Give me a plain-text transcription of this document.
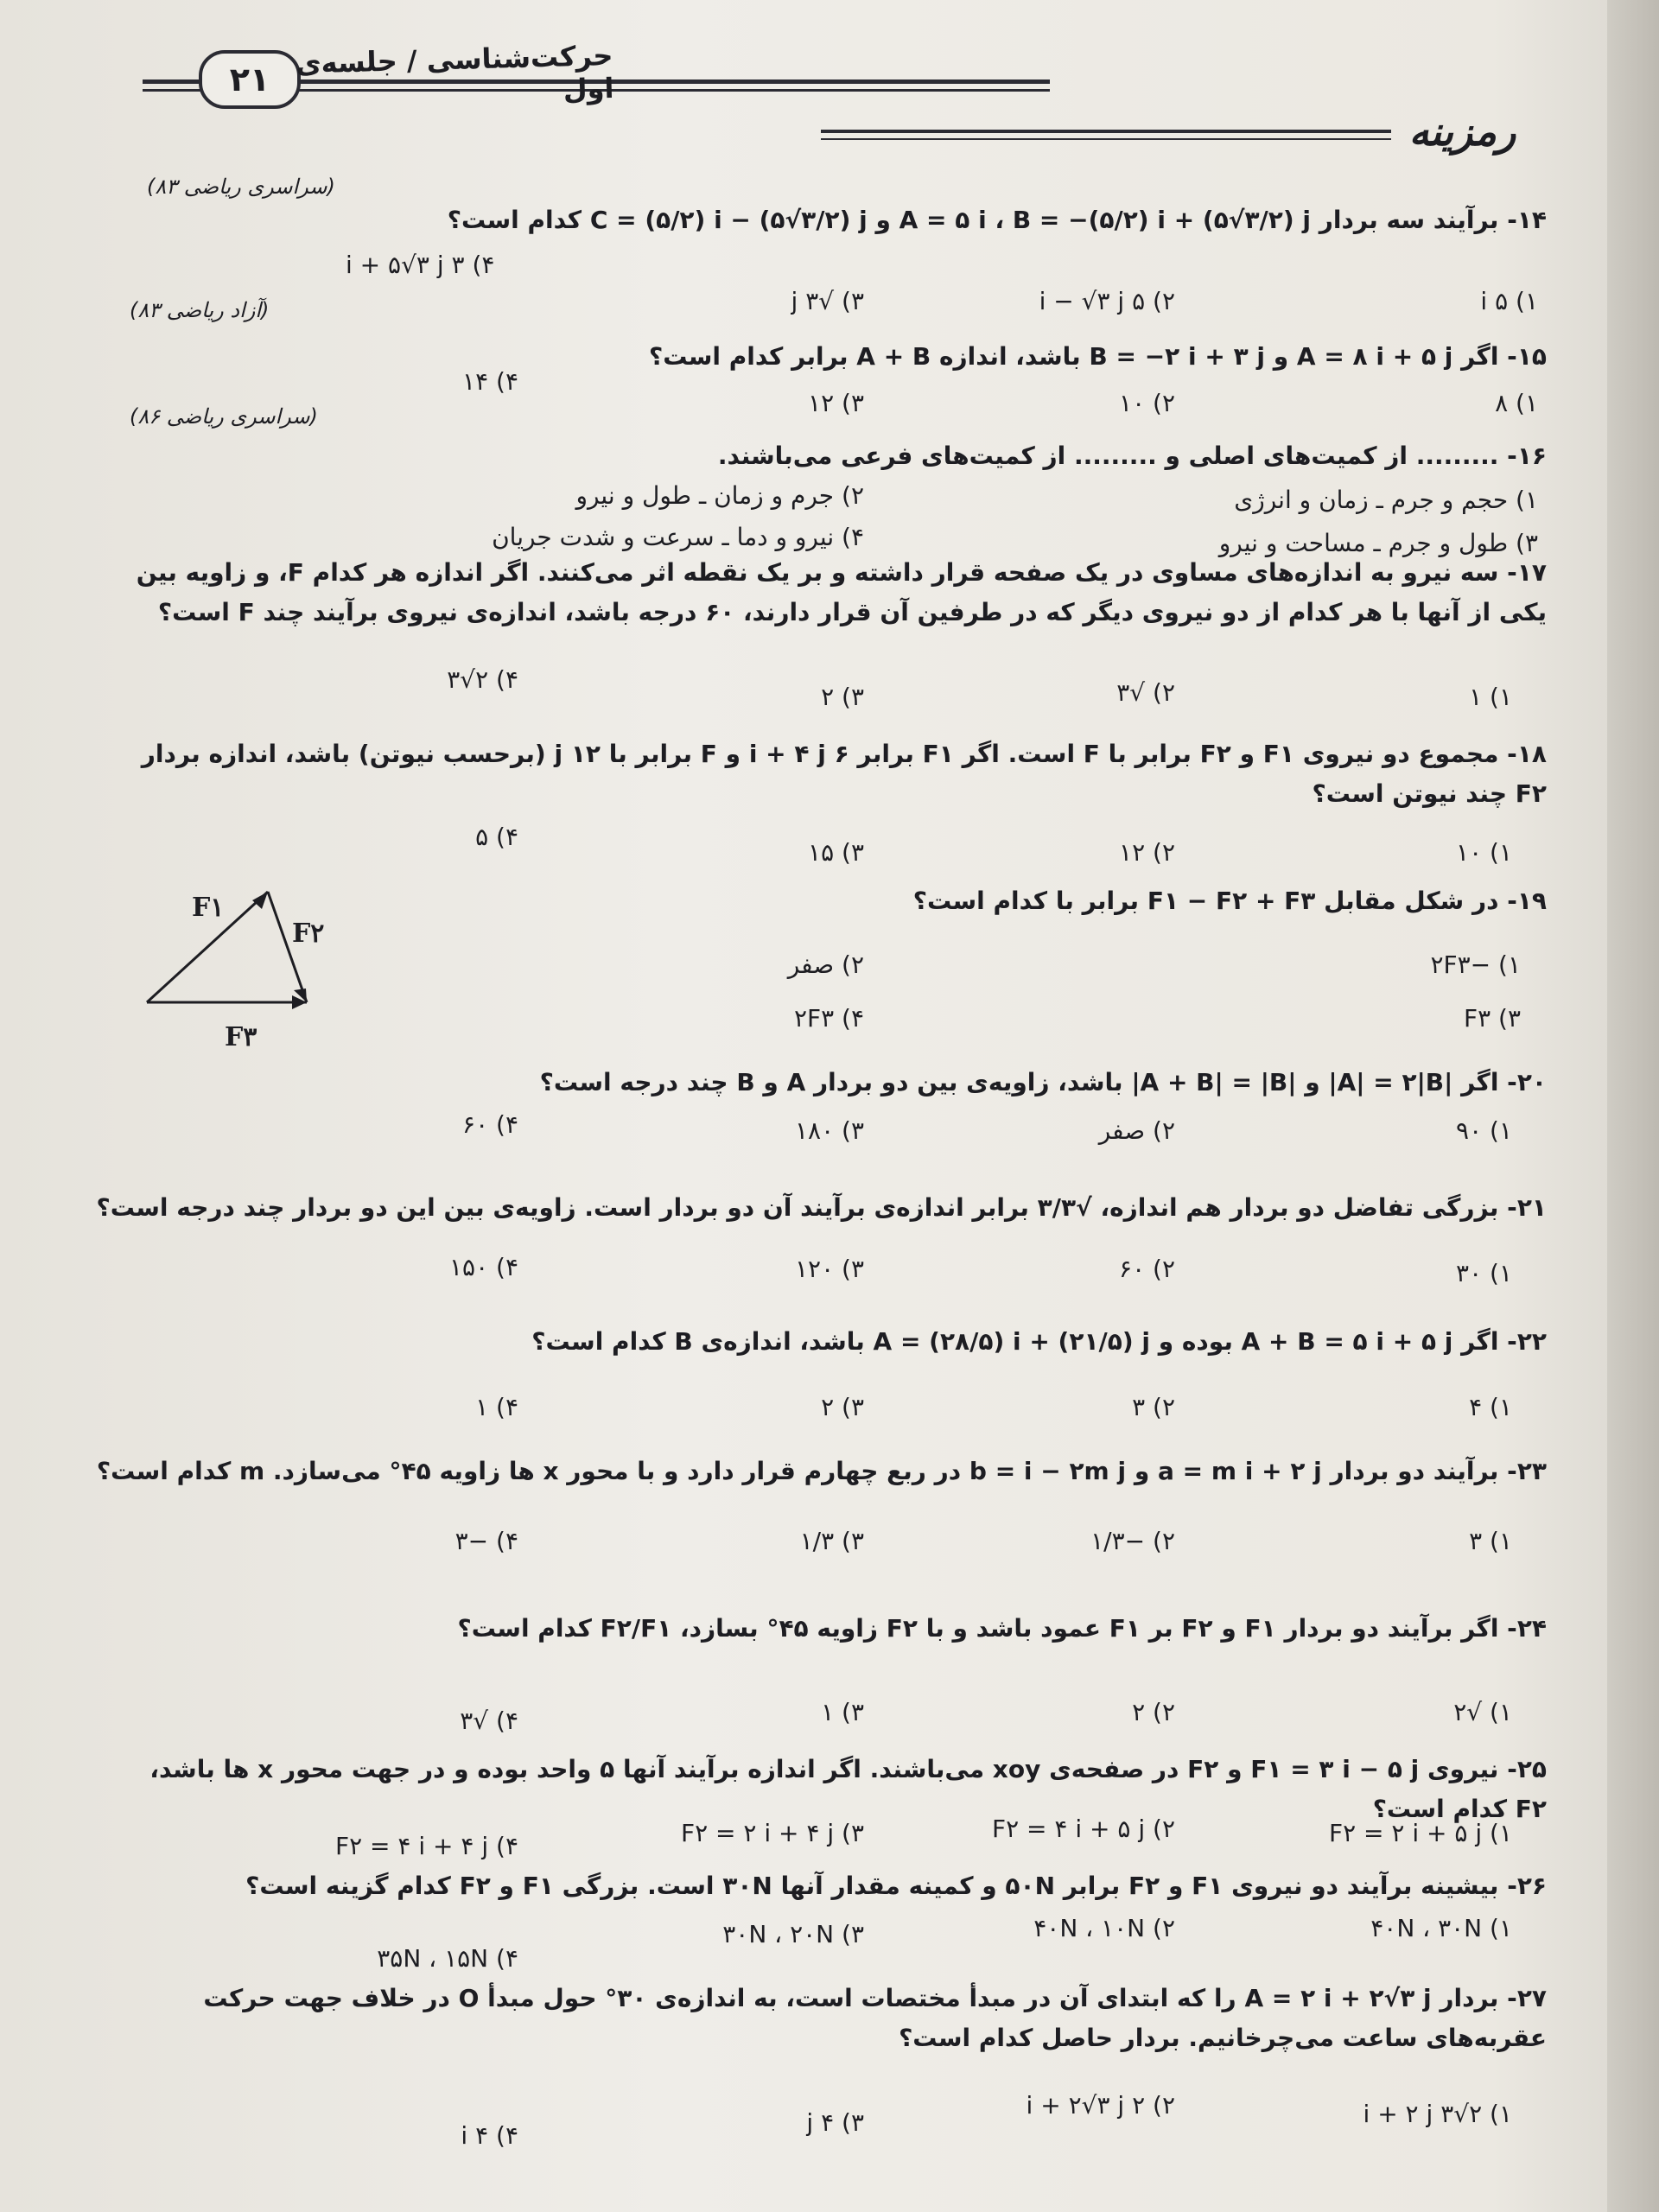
۲۱ حرکت‌شناسی / جلسه‌ی اول
رمزینه
(سراسری ریاضی ۸۳)
(آزاد ریاضی ۸۳)
(سراسری ریاضی ۸۶)
۱۴- برآیند سه بردار A = ۵ i ، B = −(۵/۲) i + (۵√۳/۲) j و C = (۵/۲) i − (۵√۳/۲) j کدام است؟
۱) ۵ i
۲) ۵ i − √۳ j
۳) √۳ j
۴) ۳ i + ۵√۳ j
۱۵- اگر A = ۸ i + ۵ j و B = −۲ i + ۳ j باشد، اندازه A + B برابر کدام است؟
۱) ۸
۲) ۱۰
۳) ۱۲
۴) ۱۴
۱۶- ......... از کمیت‌های اصلی و ......... از کمیت‌های فرعی می‌باشند.
۱) حجم و جرم ـ زمان و انرژی
۲) جرم و زمان ـ طول و نیرو
۳) طول و جرم ـ مساحت و نیرو
۴) نیرو و دما ـ سرعت و شدت جریان
۱۷- سه نیرو به اندازه‌های مساوی در یک صفحه قرار داشته و بر یک نقطه اثر می‌کنند. اگر اندازه هر کدام F، و زاویه بین یکی از آنها با هر کدام از دو نیروی دیگر که در طرفین آن قرار دارند، ۶۰ درجه باشد، اندازه‌ی نیروی برآیند چند F است؟
۱) ۱
۲) √۳
۳) ۲
۴) ۲√۳
۱۸- مجموع دو نیروی F۱ و F۲ برابر با F است. اگر F۱ برابر ۶ i + ۴ j و F برابر با ۱۲ j (برحسب نیوتن) باشد، اندازه بردار F۲ چند نیوتن است؟
۱) ۱۰
۲) ۱۲
۳) ۱۵
۴) ۵
۱۹- در شکل مقابل F۱ − F۲ + F۳ برابر با کدام است؟
۱) −۲F۳
۲) صفر
۳) F۳
۴) ۲F۳
F۱
F۲
F۳
۲۰- اگر |A| = ۲|B| و |A + B| = |B| باشد، زاویه‌ی بین دو بردار A و B چند درجه است؟
۱) ۹۰
۲) صفر
۳) ۱۸۰
۴) ۶۰
۲۱- بزرگی تفاضل دو بردار هم اندازه، √۳/۳ برابر اندازه‌ی برآیند آن دو بردار است. زاویه‌ی بین این دو بردار چند درجه است؟
۱) ۳۰
۲) ۶۰
۳) ۱۲۰
۴) ۱۵۰
۲۲- اگر A + B = ۵ i + ۵ j بوده و A = (۲۸/۵) i + (۲۱/۵) j باشد، اندازه‌ی B کدام است؟
۱) ۴
۲) ۳
۳) ۲
۴) ۱
۲۳- برآیند دو بردار a = m i + ۲ j و b = i − ۲m j در ربع چهارم قرار دارد و با محور x ها زاویه ۴۵° می‌سازد. m کدام است؟
۱) ۳
۲) −۱/۳
۳) ۱/۳
۴) −۳
۲۴- اگر برآیند دو بردار F۱ و F۲ بر F۱ عمود باشد و با F۲ زاویه ۴۵° بسازد، F۲/F۱ کدام است؟
۱) √۲
۲) ۲
۳) ۱
۴) √۳
۲۵- نیروی F۱ = ۳ i − ۵ j و F۲ در صفحه‌ی xoy می‌باشند. اگر اندازه برآیند آنها ۵ واحد بوده و در جهت محور x ها باشد، F۲ کدام است؟
۱) F۲ = ۲ i + ۵ j
۲) F۲ = ۴ i + ۵ j
۳) F۲ = ۲ i + ۴ j
۴) F۲ = ۴ i + ۴ j
۲۶- بیشینه برآیند دو نیروی F۱ و F۲ برابر ۵۰N و کمینه مقدار آنها ۳۰N است. بزرگی F۱ و F۲ کدام گزینه است؟
۱) ۴۰N ، ۳۰N
۲) ۴۰N ، ۱۰N
۳) ۳۰N ، ۲۰N
۴) ۳۵N ، ۱۵N
۲۷- بردار A = ۲ i + ۲√۳ j را که ابتدای آن در مبدأ مختصات است، به اندازه‌ی ۳۰° حول مبدأ O در خلاف جهت حرکت عقربه‌های ساعت می‌چرخانیم. بردار حاصل کدام است؟
۱) ۲√۳ i + ۲ j
۲) ۲ i + ۲√۳ j
۳) ۴ j
۴) ۴ i
